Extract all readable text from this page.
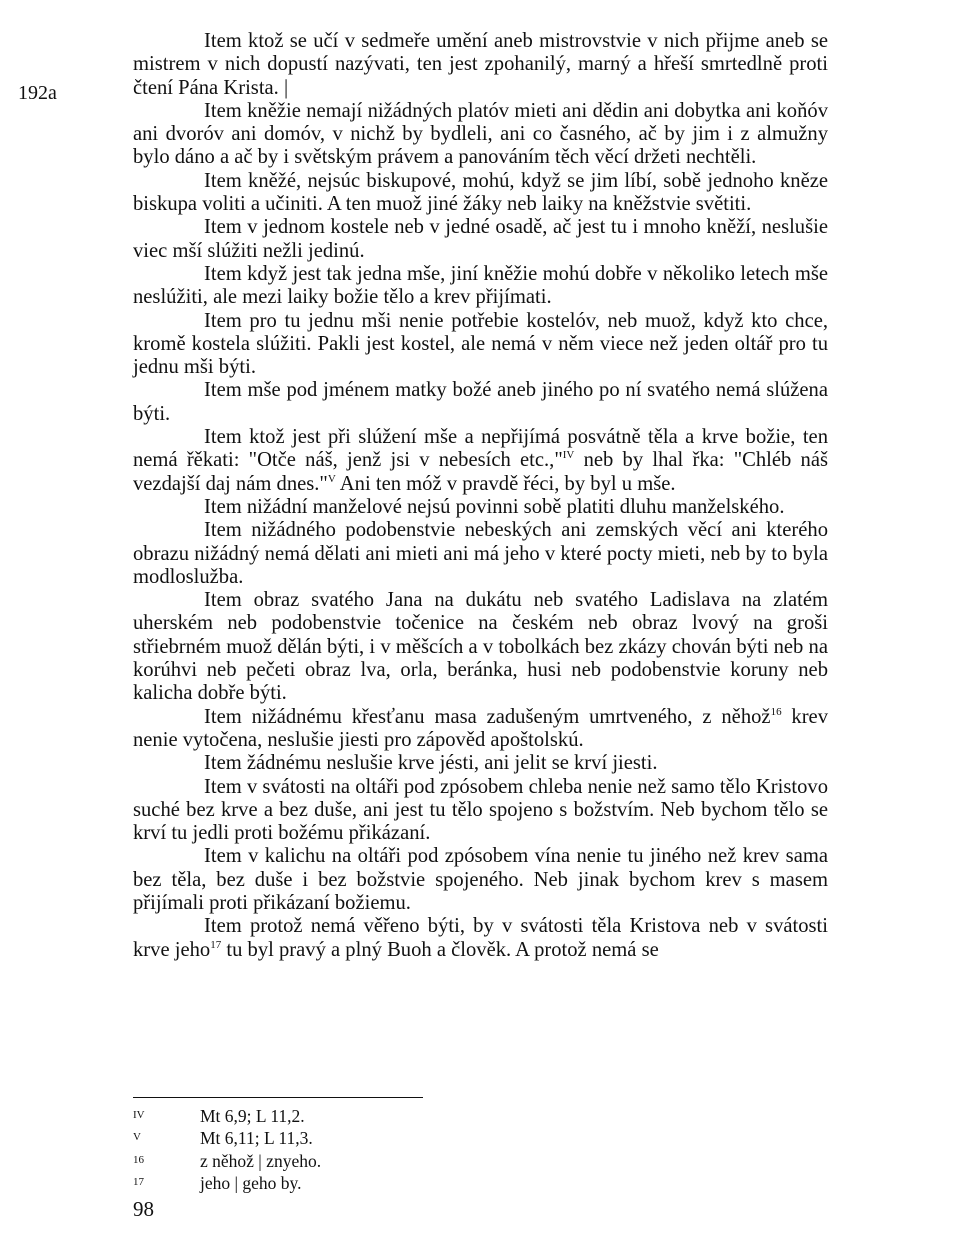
192a

Item ktož se učí v sedmeře umění aneb mistrovstvie v nich přijme aneb se mistrem v nich dopustí nazývati, ten jest zpohanilý, marný a hřeší smrtedlně proti čtení Pána Krista. |

Item kněžie nemají nižádných platóv mieti ani dědin ani dobytka ani koňóv ani dvoróv ani domóv, v nichž by bydleli, ani co časného, ač by jim i z almužny bylo dáno a ač by i světským právem a panováním těch věcí držeti nechtěli.

Item kněžé, nejsúc biskupové, mohú, když se jim líbí, sobě jednoho kněze biskupa voliti a učiniti. A ten muož jiné žáky neb laiky na kněžstvie světiti.

Item v jednom kostele neb v jedné osadě, ač jest tu i mnoho kněží, neslušie viec mší slúžiti nežli jedinú.

Item když jest tak jedna mše, jiní kněžie mohú dobře v několiko letech mše neslúžiti, ale mezi laiky božie tělo a krev přijímati.

Item pro tu jednu mši nenie potřebie kostelóv, neb muož, když kto chce, kromě kostela slúžiti. Pakli jest kostel, ale nemá v něm viece než jeden oltář pro tu jednu mši býti.

Item mše pod jménem matky božé aneb jiného po ní svatého nemá slúžena býti.

Item ktož jest při slúžení mše a nepřijímá posvátně těla a krve božie, ten nemá řěkati: "Otče náš, jenž jsi v nebesích etc.,"$^{IV}$ neb by lhal řka: "Chléb náš vezdajší daj nám dnes."$^V$ Ani ten móž v pravdě řéci, by byl u mše.

Item nižádní manželové nejsú povinni sobě platiti dluhu manželského.

Item nižádného podobenstvie nebeských ani zemských věcí ani kterého obrazu nižádný nemá dělati ani mieti ani má jeho v které pocty mieti, neb by to byla modloslužba.

Item obraz svatého Jana na dukátu neb svatého Ladislava na zlatém uherském neb podobenstvie točenice na českém neb obraz lvový na groši střiebrném muož dělán býti, i v měšcích a v tobolkách bez zkázy chován býti neb na korúhvi neb pečeti obraz lva, orla, beránka, husi neb podobenstvie koruny neb kalicha dobře býti.

Item nižádnému křesťanu masa zadušeným umrtveného, z něhož$^{16}$ krev nenie vytočena, neslušie jiesti pro zápověd apoštolskú.

Item žádnému neslušie krve jésti, ani jelit se krví jiesti.

Item v svátosti na oltáři pod zpósobem chleba nenie než samo tělo Kristovo suché bez krve a bez duše, ani jest tu tělo spojeno s božstvím. Neb bychom tělo se krví tu jedli proti božému přikázaní.

Item v kalichu na oltáři pod zpósobem vína nenie tu jiného než krev sama bez těla, bez duše i bez božstvie spojeného. Neb jinak bychom krev s masem přijímali proti přikázaní božiemu.

Item protož nemá věřeno býti, by v svátosti těla Kristova neb v svátosti krve jeho$^{17}$ tu byl pravý a plný Buoh a člověk. A protož nemá se

IV	Mt 6,9; L 11,2.
V	Mt 6,11; L 11,3.
16	z něhož | znyeho.
17	jeho | geho by.
98
